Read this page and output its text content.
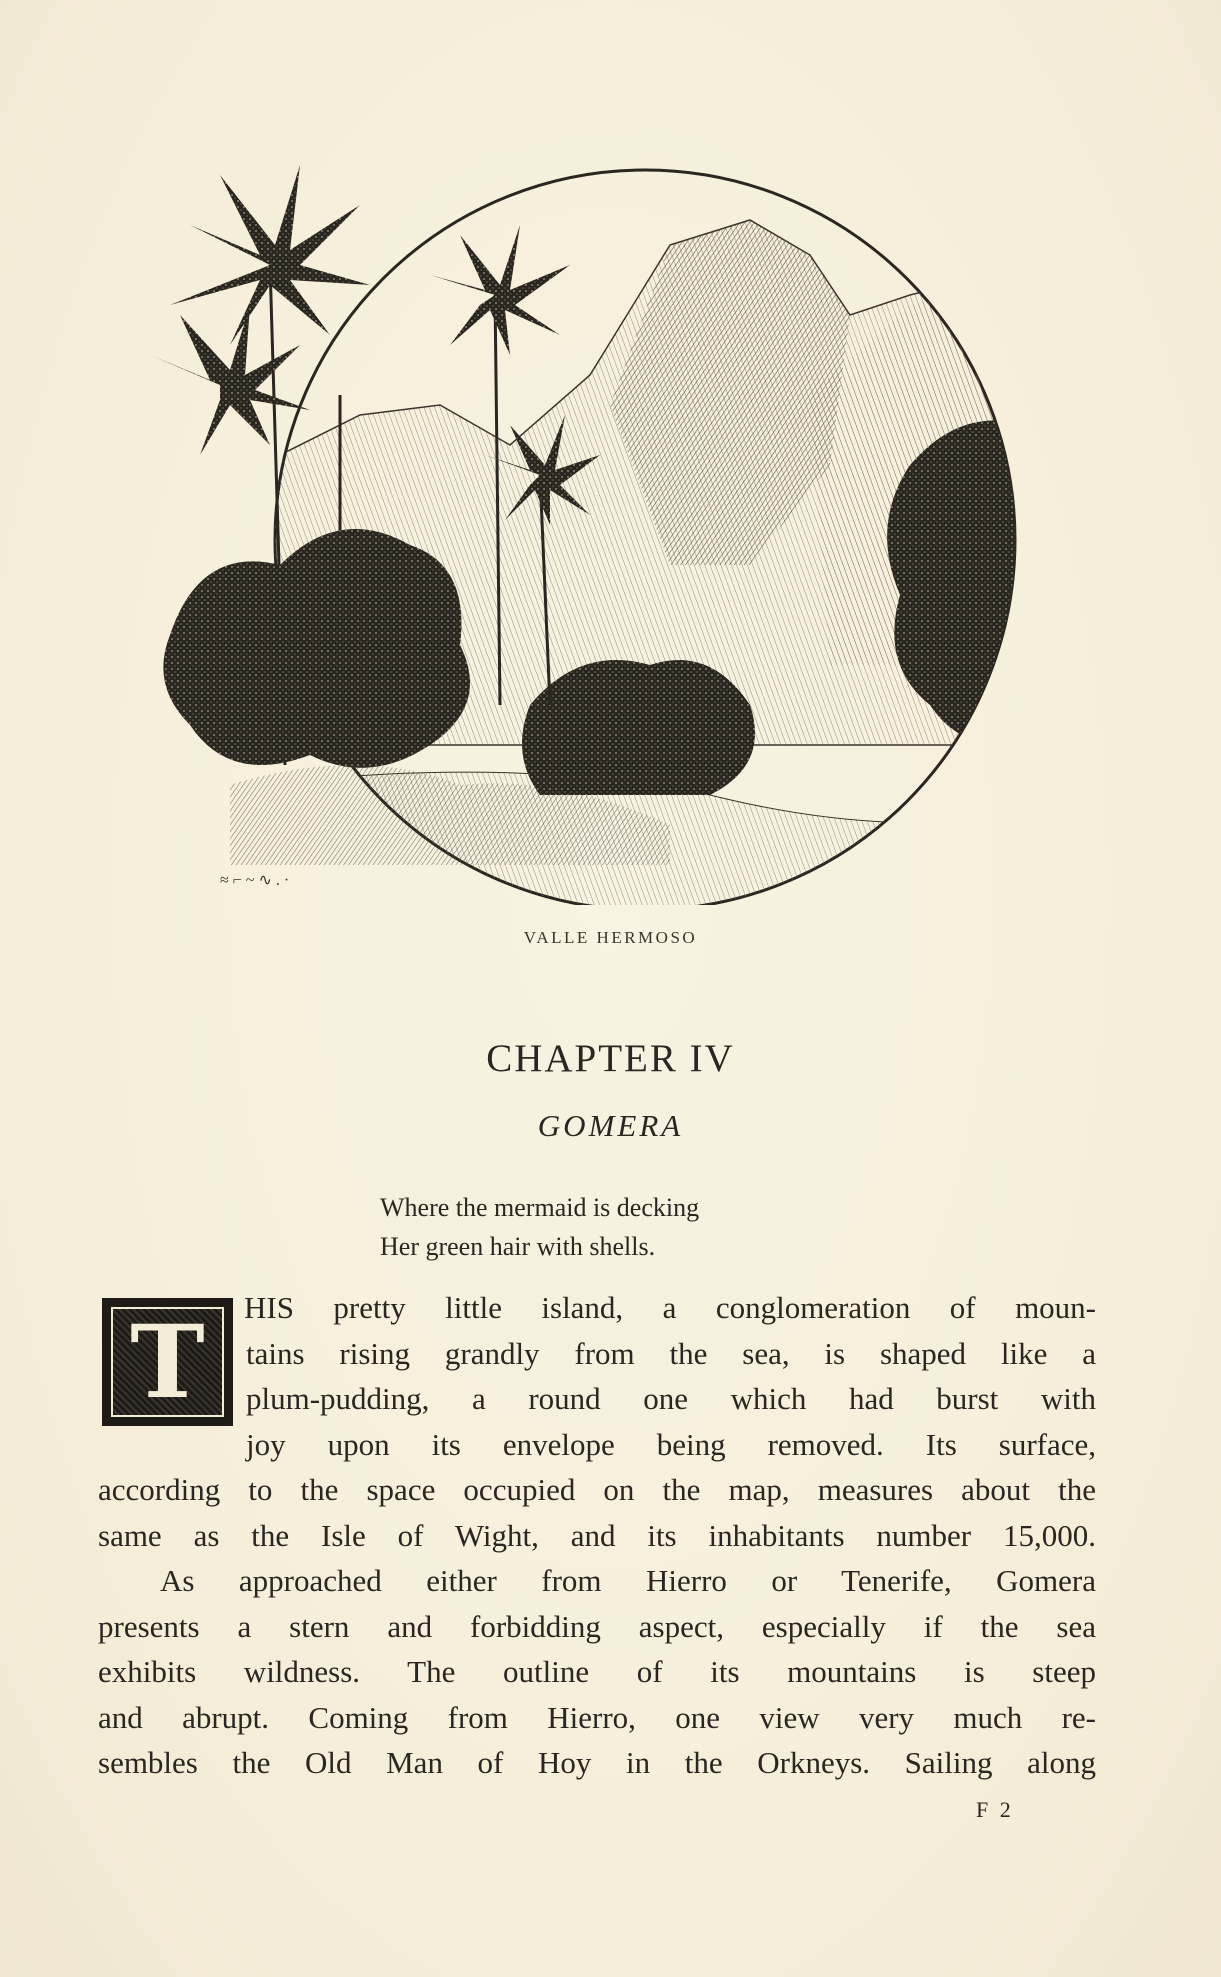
≈ ⌐ ~ ∿ . ·
VALLE HERMOSO
CHAPTER IV
GOMERA
Where the mermaid is decking
Her green hair with shells.
T	HIS pretty little island, a conglomeration of moun-
tains rising grandly from the sea, is shaped like a
plum-pudding, a round one which had burst with
joy upon its envelope being removed. Its surface,
according to the space occupied on the map, measures about the
same as the Isle of Wight, and its inhabitants number 15,000.
As approached either from Hierro or Tenerife, Gomera
presents a stern and forbidding aspect, especially if the sea
exhibits wildness. The outline of its mountains is steep
and abrupt. Coming from Hierro, one view very much re-
sembles the Old Man of Hoy in the Orkneys. Sailing along
F 2
